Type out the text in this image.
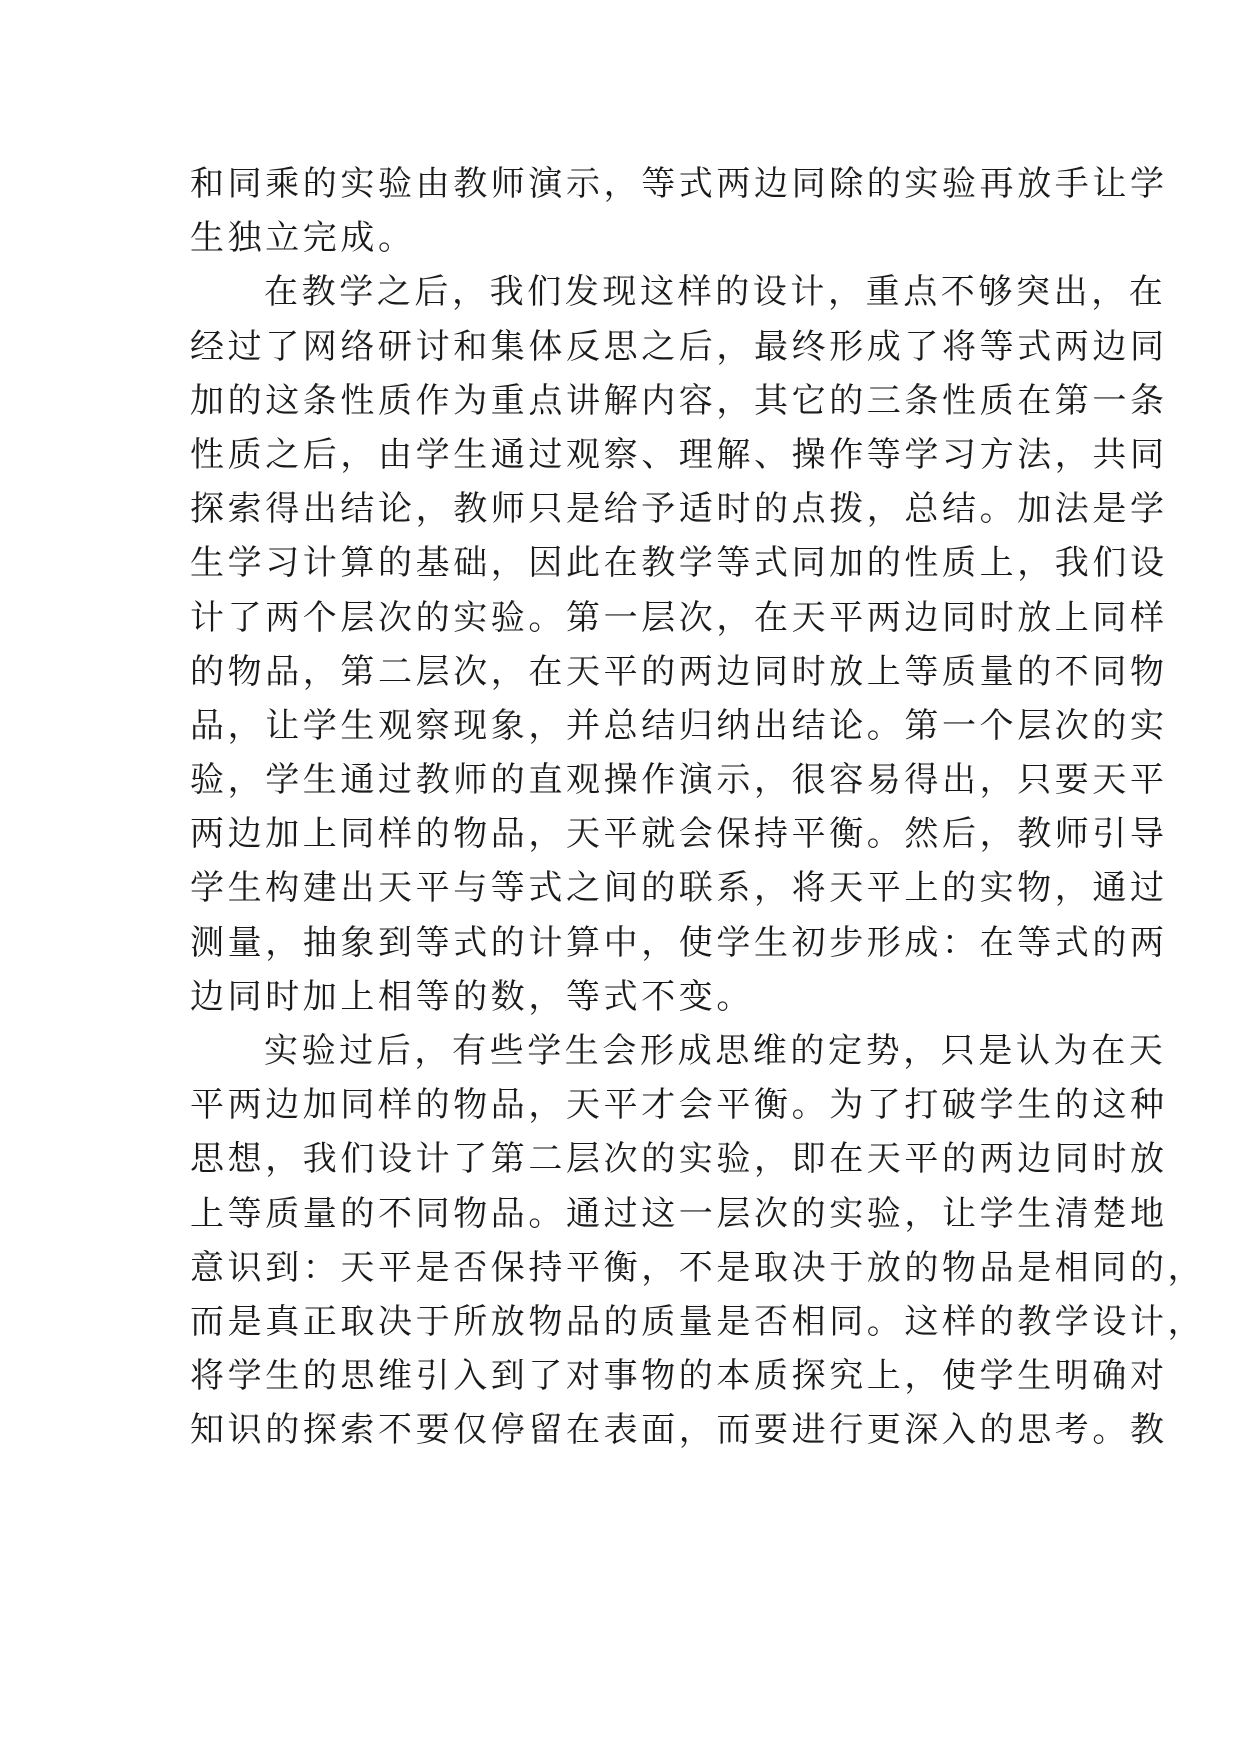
和同乘的实验由教师演示，等式两边同除的实验再放手让学
生独立完成。
在教学之后，我们发现这样的设计，重点不够突出，在
经过了网络研讨和集体反思之后，最终形成了将等式两边同
加的这条性质作为重点讲解内容，其它的三条性质在第一条
性质之后，由学生通过观察、理解、操作等学习方法，共同
探索得出结论，教师只是给予适时的点拨，总结。加法是学
生学习计算的基础，因此在教学等式同加的性质上，我们设
计了两个层次的实验。第一层次，在天平两边同时放上同样
的物品，第二层次，在天平的两边同时放上等质量的不同物
品，让学生观察现象，并总结归纳出结论。第一个层次的实
验，学生通过教师的直观操作演示，很容易得出，只要天平
两边加上同样的物品，天平就会保持平衡。然后，教师引导
学生构建出天平与等式之间的联系，将天平上的实物，通过
测量，抽象到等式的计算中，使学生初步形成：在等式的两
边同时加上相等的数，等式不变。
实验过后，有些学生会形成思维的定势，只是认为在天
平两边加同样的物品，天平才会平衡。为了打破学生的这种
思想，我们设计了第二层次的实验，即在天平的两边同时放
上等质量的不同物品。通过这一层次的实验，让学生清楚地
意识到：天平是否保持平衡，不是取决于放的物品是相同的，
而是真正取决于所放物品的质量是否相同。这样的教学设计，
将学生的思维引入到了对事物的本质探究上，使学生明确对
知识的探索不要仅停留在表面，而要进行更深入的思考。教
